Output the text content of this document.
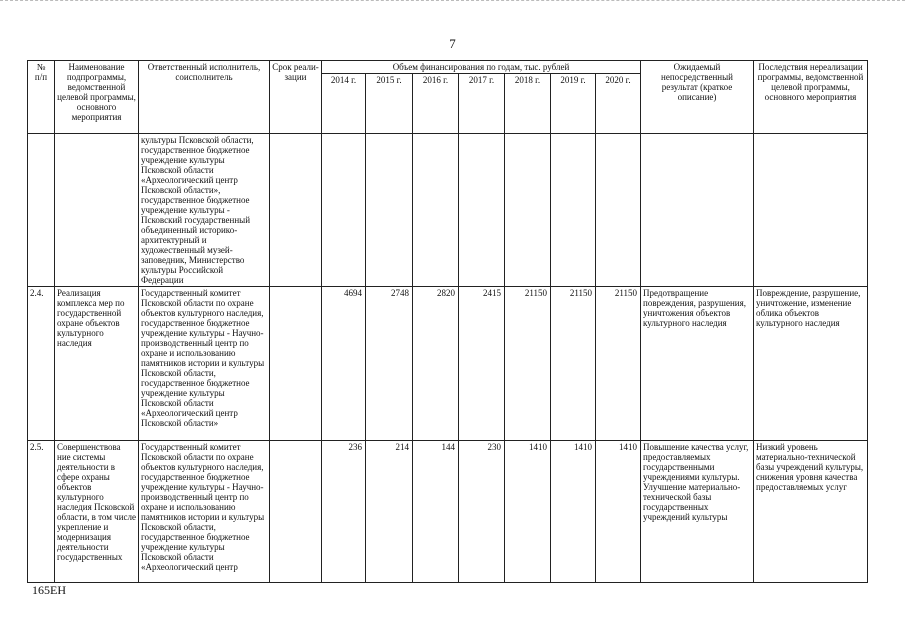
7
№
п/п	Наименование подпрограммы, ведомственной целевой программы, основного мероприятия	Ответственный исполнитель, соисполнитель	Срок реали-зации	Объем финансирования по годам, тыс. рублей							Ожидаемый непосредственный результат (краткое описание)	Последствия нереализации программы, ведомственной целевой программы, основного мероприятия
				2014 г.	2015 г.	2016 г.	2017 г.	2018 г.	2019 г.	2020 г.		
		культуры Псковской области, государственное бюджетное учреждение культуры Псковской области «Археологический центр Псковской области», государственное бюджетное учреждение культуры - Псковский государственный объединенный историко-архитектурный и художественный музей-заповедник, Министерство культуры Российской Федерации										
2.4.	Реализация комплекса мер по государственной охране объектов культурного наследия	Государственный комитет Псковской области по охране объектов культурного наследия, государственное бюджетное учреждение культуры - Научно-производственный центр по охране и использованию памятников истории и культуры Псковской области, государственное бюджетное учреждение культуры Псковской области «Археологический центр Псковской области»		4694	2748	2820	2415	21150	21150	21150	Предотвращение повреждения, разрушения, уничтожения объектов культурного наследия	Повреждение, разрушение, уничтожение, изменение облика объектов культурного наследия
2.5.	Совершенствова ние системы деятельности в сфере охраны объектов культурного наследия Псковской области, в том числе укрепление и модернизация деятельности государственных	Государственный комитет Псковской области по охране объектов культурного наследия, государственное бюджетное учреждение культуры - Научно-производственный центр по охране и использованию памятников истории и культуры Псковской области, государственное бюджетное учреждение культуры Псковской области «Археологический центр		236	214	144	230	1410	1410	1410	Повышение качества услуг, предоставляемых государственными учреждениями культуры. Улучшение материально-технической базы государственных учреждений культуры	Низкий уровень материально-технической базы учреждений культуры, снижения уровня качества предоставляемых услуг
165ЕН
